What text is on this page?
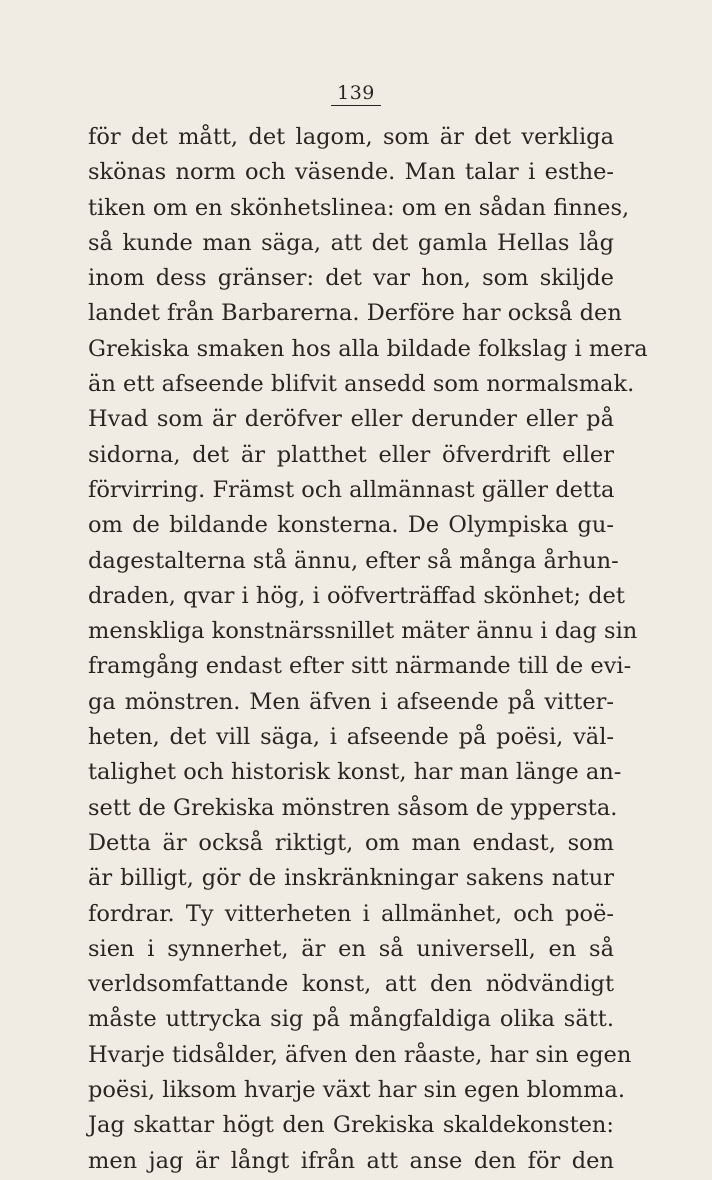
139
för det mått, det lagom, som är det verkliga
skönas norm och väsende. Man talar i esthe-
tiken om en skönhetslinea: om en sådan finnes,
så kunde man säga, att det gamla Hellas låg
inom dess gränser: det var hon, som skiljde
landet från Barbarerna. Derföre har också den
Grekiska smaken hos alla bildade folkslag i mera
än ett afseende blifvit ansedd som normalsmak.
Hvad som är deröfver eller derunder eller på
sidorna, det är platthet eller öfverdrift eller
förvirring. Främst och allmännast gäller detta
om de bildande konsterna. De Olympiska gu-
dagestalterna stå ännu, efter så många århun-
draden, qvar i hög, i oöfverträffad skönhet; det
menskliga konstnärssnillet mäter ännu i dag sin
framgång endast efter sitt närmande till de evi-
ga mönstren. Men äfven i afseende på vitter-
heten, det vill säga, i afseende på poësi, väl-
talighet och historisk konst, har man länge an-
sett de Grekiska mönstren såsom de yppersta.
Detta är också riktigt, om man endast, som
är billigt, gör de inskränkningar sakens natur
fordrar. Ty vitterheten i allmänhet, och poë-
sien i synnerhet, är en så universell, en så
verldsomfattande konst, att den nödvändigt
måste uttrycka sig på mångfaldiga olika sätt.
Hvarje tidsålder, äfven den råaste, har sin egen
poësi, liksom hvarje växt har sin egen blomma.
Jag skattar högt den Grekiska skaldekonsten:
men jag är långt ifrån att anse den för den
